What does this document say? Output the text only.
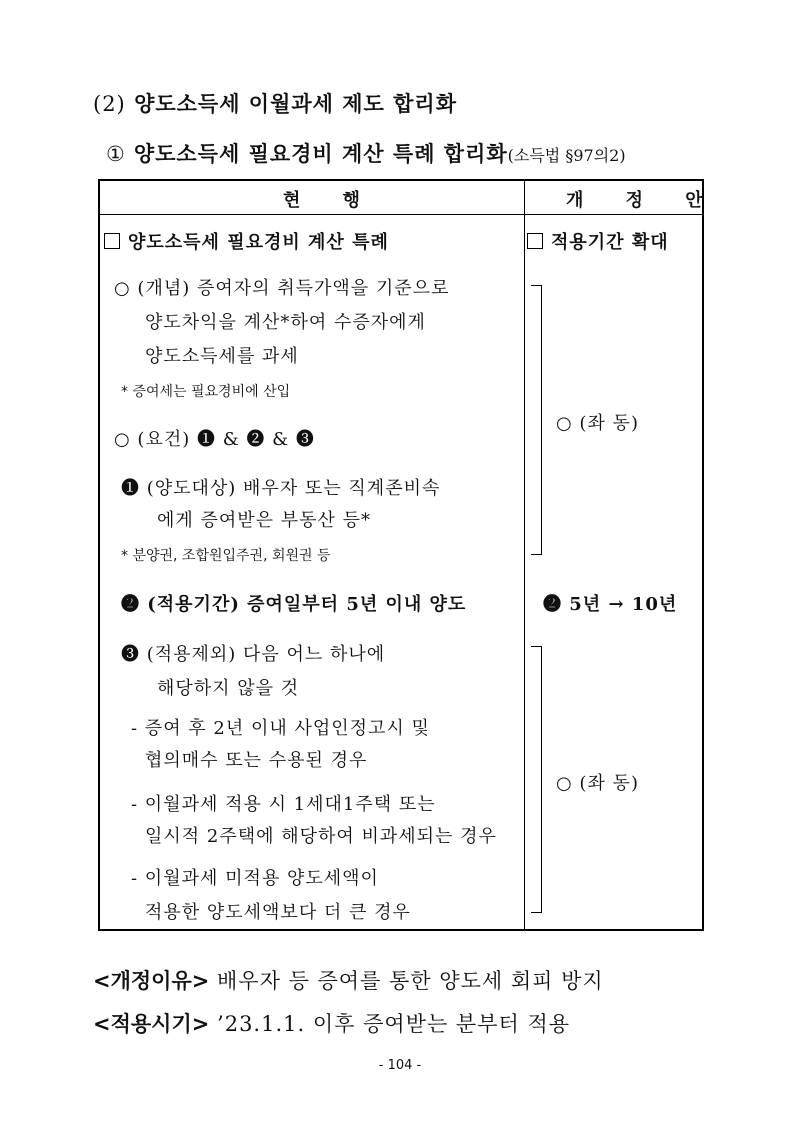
(2) 양도소득세 이월과세 제도 합리화
① 양도소득세 필요경비 계산 특례 합리화(소득법 §97의2)
현 행	개 정 안
양도소득세 필요경비 계산 특례
○ (개념) 증여자의 취득가액을 기준으로
양도차익을 계산*하여 수증자에게
양도소득세를 과세
* 증여세는 필요경비에 산입
○ (요건) ❶ & ❷ & ❸
❶ (양도대상) 배우자 또는 직계존비속
에게 증여받은 부동산 등*
* 분양권, 조합원입주권, 회원권 등
❷ (적용기간) 증여일부터 5년 이내 양도
❸ (적용제외) 다음 어느 하나에
해당하지 않을 것
- 증여 후 2년 이내 사업인정고시 및
협의매수 또는 수용된 경우
- 이월과세 적용 시 1세대1주택 또는
일시적 2주택에 해당하여 비과세되는 경우
- 이월과세 미적용 양도세액이
적용한 양도세액보다 더 큰 경우
적용기간 확대
○ (좌 동)
❷ 5년 → 10년
○ (좌 동)
<개정이유> 배우자 등 증여를 통한 양도세 회피 방지
<적용시기> ’23.1.1. 이후 증여받는 분부터 적용
- 104 -
